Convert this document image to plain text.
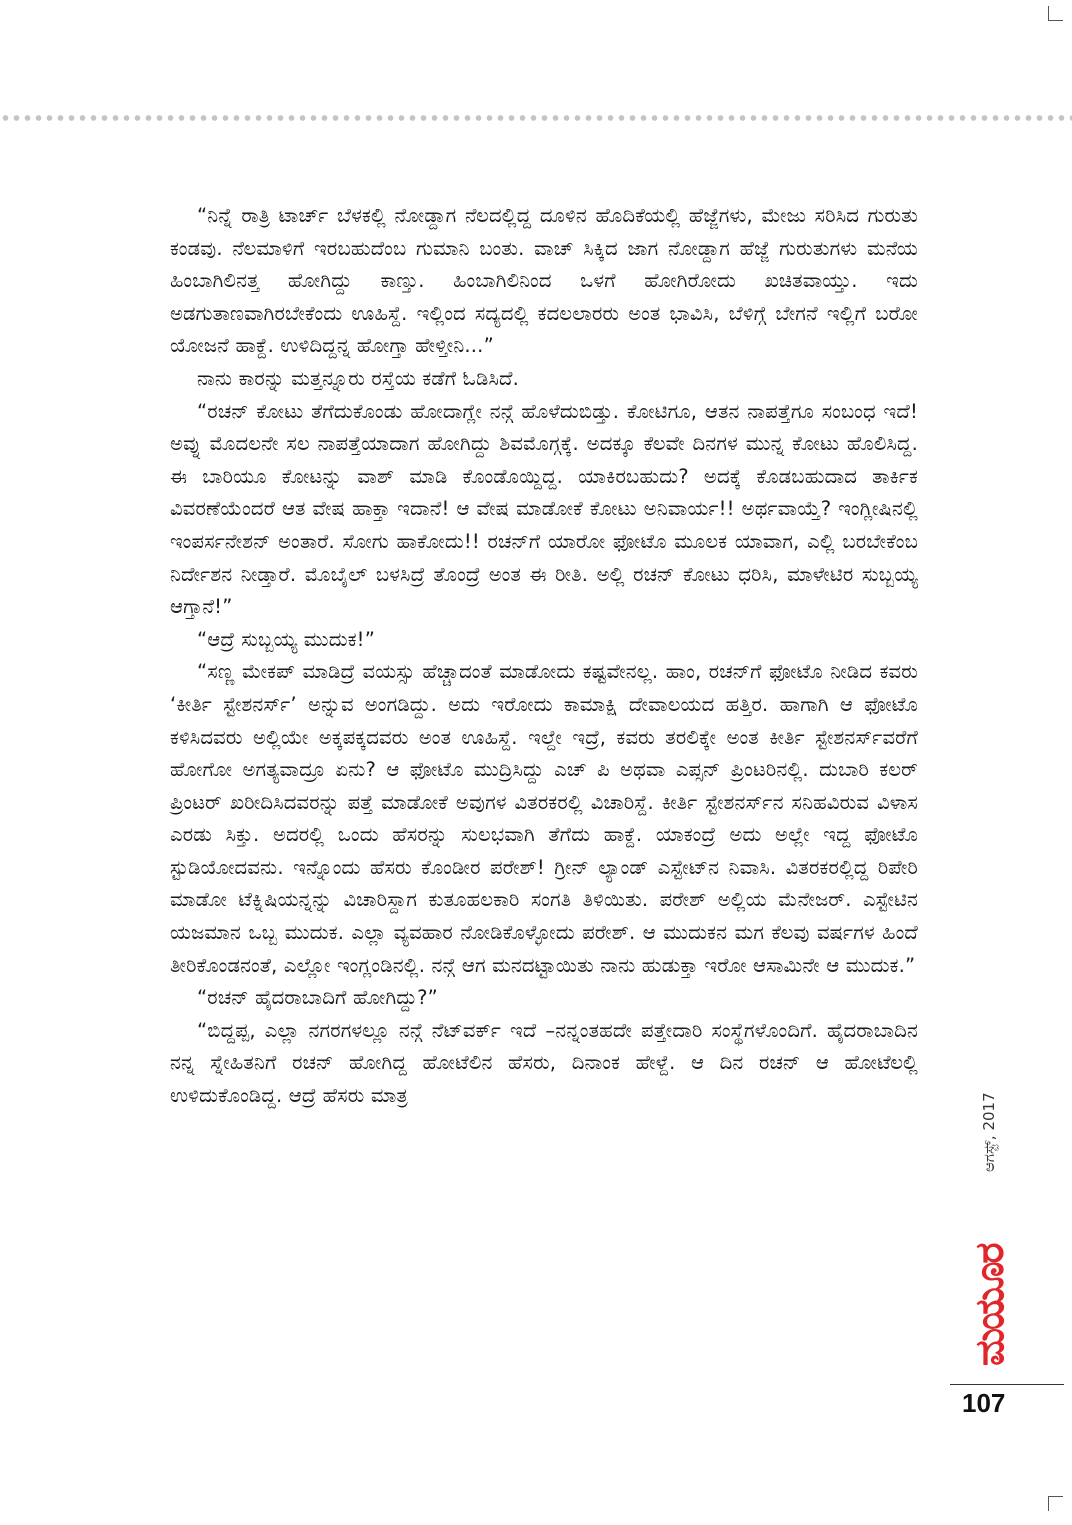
“ನಿನ್ನೆ ರಾತ್ರಿ ಟಾರ್ಚ್ ಬೆಳಕಲ್ಲಿ ನೋಡ್ದಾಗ ನೆಲದಲ್ಲಿದ್ದ ದೂಳಿನ ಹೊದಿಕೆಯಲ್ಲಿ ಹೆಜ್ಜೆಗಳು, ಮೇಜು ಸರಿಸಿದ ಗುರುತು ಕಂಡವು. ನೆಲಮಾಳಿಗೆ ಇರಬಹುದೆಂಬ ಗುಮಾನಿ ಬಂತು. ವಾಚ್ ಸಿಕ್ಕಿದ ಜಾಗ ನೋಡ್ದಾಗ ಹೆಜ್ಜೆ ಗುರುತುಗಳು ಮನೆಯ ಹಿಂಬಾಗಿಲಿನತ್ತ ಹೋಗಿದ್ದು ಕಾಣ್ತು. ಹಿಂಬಾಗಿಲಿನಿಂದ ಒಳಗೆ ಹೋಗಿರೋದು ಖಚಿತವಾಯ್ತು. ಇದು ಅಡಗುತಾಣವಾಗಿರಬೇಕೆಂದು ಊಹಿಸ್ದೆ. ಇಲ್ಲಿಂದ ಸದ್ಯದಲ್ಲಿ ಕದಲಲಾರರು ಅಂತ ಭಾವಿಸಿ, ಬೆಳಿಗ್ಗೆ ಬೇಗನೆ ಇಲ್ಲಿಗೆ ಬರೋ ಯೋಜನೆ ಹಾಕ್ದೆ. ಉಳಿದಿದ್ದನ್ನ ಹೋಗ್ತಾ ಹೇಳ್ತೀನಿ...”

ನಾನು ಕಾರನ್ನು ಮತ್ತನ್ನೂರು ರಸ್ತೆಯ ಕಡೆಗೆ ಓಡಿಸಿದೆ.

“ರಚನ್ ಕೋಟು ತೆಗೆದುಕೊಂಡು ಹೋದಾಗ್ಲೇ ನನ್ಗೆ ಹೊಳೆದುಬಿಡ್ತು. ಕೋಟಿಗೂ, ಆತನ ನಾಪತ್ತೆಗೂ ಸಂಬಂಧ ಇದೆ! ಅವ್ನು ಮೊದಲನೇ ಸಲ ನಾಪತ್ತೆಯಾದಾಗ ಹೋಗಿದ್ದು ಶಿವಮೊಗ್ಗಕ್ಕೆ. ಅದಕ್ಕೂ ಕೆಲವೇ ದಿನಗಳ ಮುನ್ನ ಕೋಟು ಹೊಲಿಸಿದ್ದ. ಈ ಬಾರಿಯೂ ಕೋಟನ್ನು ವಾಶ್ ಮಾಡಿ ಕೊಂಡೊಯ್ದಿದ್ದ. ಯಾಕಿರಬಹುದು? ಅದಕ್ಕೆ ಕೊಡಬಹುದಾದ ತಾರ್ಕಿಕ ವಿವರಣೆಯೆಂದರೆ ಆತ ವೇಷ ಹಾಕ್ತಾ ಇದಾನೆ! ಆ ವೇಷ ಮಾಡೋಕೆ ಕೋಟು ಅನಿವಾರ್ಯ!! ಅರ್ಥವಾಯ್ತೆ? ಇಂಗ್ಲೀಷಿನಲ್ಲಿ ಇಂಪರ್ಸನೇಶನ್ ಅಂತಾರೆ. ಸೋಗು ಹಾಕೋದು!! ರಚನ್‌ಗೆ ಯಾರೋ ಫೋಟೊ ಮೂಲಕ ಯಾವಾಗ, ಎಲ್ಲಿ ಬರಬೇಕೆಂಬ ನಿರ್ದೇಶನ ನೀಡ್ತಾರೆ. ಮೊಬೈಲ್ ಬಳಸಿದ್ರೆ ತೊಂದ್ರೆ ಅಂತ ಈ ರೀತಿ. ಅಲ್ಲಿ ರಚನ್ ಕೋಟು ಧರಿಸಿ, ಮಾಳೇಟಿರ ಸುಬ್ಬಯ್ಯ ಆಗ್ತಾನೆ!”

“ಆದ್ರೆ ಸುಬ್ಬಯ್ಯ ಮುದುಕ!”

“ಸಣ್ಣ ಮೇಕಪ್ ಮಾಡಿದ್ರೆ ವಯಸ್ಸು ಹೆಚ್ಚಾದಂತೆ ಮಾಡೋದು ಕಷ್ಟವೇನಲ್ಲ. ಹಾಂ, ರಚನ್‌ಗೆ ಫೋಟೊ ನೀಡಿದ ಕವರು ‘ಕೀರ್ತಿ ಸ್ಟೇಶನರ್ಸ್’ ಅನ್ನುವ ಅಂಗಡಿದ್ದು. ಅದು ಇರೋದು ಕಾಮಾಕ್ಷಿ ದೇವಾಲಯದ ಹತ್ತಿರ. ಹಾಗಾಗಿ ಆ ಫೋಟೊ ಕಳಿಸಿದವರು ಅಲ್ಲಿಯೇ ಅಕ್ಕಪಕ್ಕದವರು ಅಂತ ಊಹಿಸ್ದೆ. ಇಲ್ದೇ ಇದ್ರೆ, ಕವರು ತರಲಿಕ್ಕೇ ಅಂತ ಕೀರ್ತಿ ಸ್ಟೇಶನರ್ಸ್‌ವರೆಗೆ ಹೋಗೋ ಅಗತ್ಯವಾದ್ರೂ ಏನು? ಆ ಫೋಟೊ ಮುದ್ರಿಸಿದ್ದು ಎಚ್ ಪಿ ಅಥವಾ ಎಪ್ಸನ್ ಪ್ರಿಂಟರಿನಲ್ಲಿ. ದುಬಾರಿ ಕಲರ್ ಪ್ರಿಂಟರ್ ಖರೀದಿಸಿದವರನ್ನು ಪತ್ತೆ ಮಾಡೋಕೆ ಅವುಗಳ ವಿತರಕರಲ್ಲಿ ವಿಚಾರಿಸ್ದೆ. ಕೀರ್ತಿ ಸ್ಟೇಶನರ್ಸ್‌ನ ಸನಿಹವಿರುವ ವಿಳಾಸ ಎರಡು ಸಿಕ್ತು. ಅದರಲ್ಲಿ ಒಂದು ಹೆಸರನ್ನು ಸುಲಭವಾಗಿ ತೆಗೆದು ಹಾಕ್ದೆ. ಯಾಕಂದ್ರೆ ಅದು ಅಲ್ಲೇ ಇದ್ದ ಫೋಟೊ ಸ್ಟುಡಿಯೋದವನು. ಇನ್ನೊಂದು ಹೆಸರು ಕೊಂಡೀರ ಪರೇಶ್! ಗ್ರೀನ್ ಲ್ಯಾಂಡ್ ಎಸ್ಟೇಟ್‌ನ ನಿವಾಸಿ. ವಿತರಕರಲ್ಲಿದ್ದ ರಿಪೇರಿ ಮಾಡೋ ಟೆಕ್ನಿಷಿಯನ್ನನ್ನು ವಿಚಾರಿಸ್ದಾಗ ಕುತೂಹಲಕಾರಿ ಸಂಗತಿ ತಿಳಿಯಿತು. ಪರೇಶ್ ಅಲ್ಲಿಯ ಮೆನೇಜರ್. ಎಸ್ಟೇಟಿನ ಯಜಮಾನ ಒಬ್ಬ ಮುದುಕ. ಎಲ್ಲಾ ವ್ಯವಹಾರ ನೋಡಿಕೊಳ್ಳೋದು ಪರೇಶ್. ಆ ಮುದುಕನ ಮಗ ಕೆಲವು ವರ್ಷಗಳ ಹಿಂದೆ ತೀರಿಕೊಂಡನಂತೆ, ಎಲ್ಲೋ ಇಂಗ್ಲಂಡಿನಲ್ಲಿ. ನನ್ಗೆ ಆಗ ಮನದಟ್ಟಾಯಿತು ನಾನು ಹುಡುಕ್ತಾ ಇರೋ ಆಸಾಮಿನೇ ಆ ಮುದುಕ.”

“ರಚನ್ ಹೈದರಾಬಾದಿಗೆ ಹೋಗಿದ್ದು?”

“ಬಿದ್ದಪ್ಪ, ಎಲ್ಲಾ ನಗರಗಳಲ್ಲೂ ನನ್ಗೆ ನೆಟ್‌ವರ್ಕ್ ಇದೆ –ನನ್ನಂತಹದೇ ಪತ್ತೇದಾರಿ ಸಂಸ್ಥೆಗಳೊಂದಿಗೆ. ಹೈದರಾಬಾದಿನ ನನ್ನ ಸ್ನೇಹಿತನಿಗೆ ರಚನ್ ಹೋಗಿದ್ದ ಹೋಟೆಲಿನ ಹೆಸರು, ದಿನಾಂಕ ಹೇಳ್ದೆ. ಆ ದಿನ ರಚನ್ ಆ ಹೋಟೆಲಲ್ಲಿ ಉಳಿದುಕೊಂಡಿದ್ದ. ಆದ್ರೆ ಹೆಸರು ಮಾತ್ರ	ಆಗಸ್ಟ್, 2017
ಮಯೂರ
107
